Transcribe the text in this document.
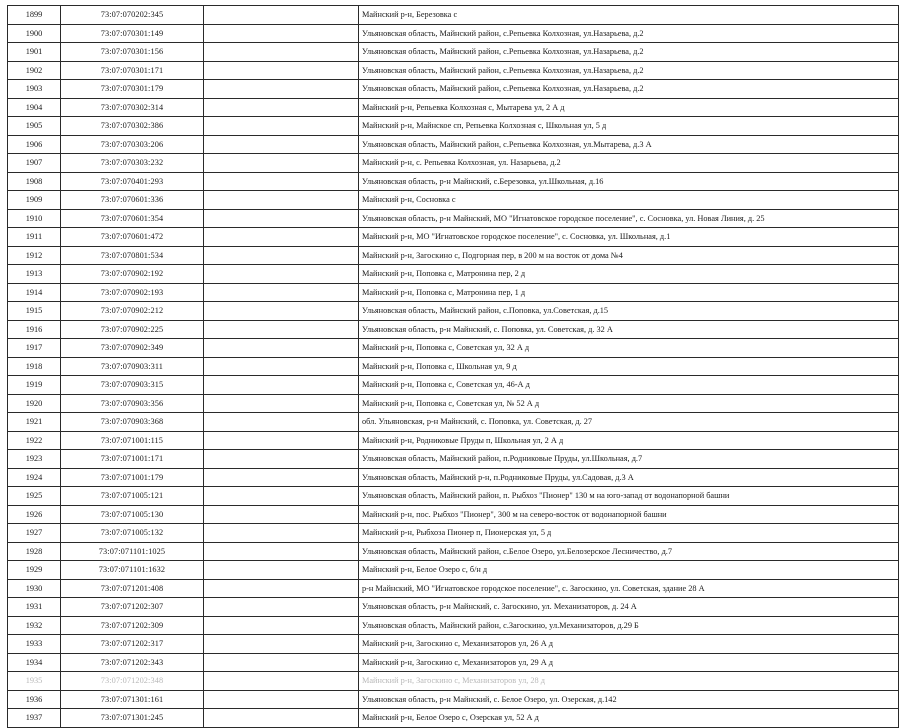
1899	73:07:070202:345		Майнский р-н, Березовка с
1900	73:07:070301:149		Ульяновская область, Майнский район, с.Репьевка Колхозная, ул.Назарьева, д.2
1901	73:07:070301:156		Ульяновская область, Майнский район, с.Репьевка Колхозная, ул.Назарьева, д.2
1902	73:07:070301:171		Ульяновская область, Майнский район, с.Репьевка Колхозная, ул.Назарьева, д.2
1903	73:07:070301:179		Ульяновская область, Майнский район, с.Репьевка Колхозная, ул.Назарьева, д.2
1904	73:07:070302:314		Майнский р-н, Репьевка Колхозная с, Мытарева ул, 2 А д
1905	73:07:070302:386		Майнский р-н, Майнское сп, Репьевка Колхозная с, Школьная ул, 5 д
1906	73:07:070303:206		Ульяновская область, Майнский район, с.Репьевка Колхозная, ул.Мытарева, д.3 А
1907	73:07:070303:232		Майнский р-н, с. Репьевка Колхозная, ул. Назарьева, д.2
1908	73:07:070401:293		Ульяновская область, р-н Майнский, с.Березовка, ул.Школьная, д.16
1909	73:07:070601:336		Майнский р-н, Сосновка с
1910	73:07:070601:354		Ульяновская область, р-н Майнский, МО "Игнатовское городское поселение", с. Сосновка, ул. Новая Линия, д. 25
1911	73:07:070601:472		Майнский р-н, МО "Игнатовское городское поселение", с. Сосновка, ул. Школьная, д.1
1912	73:07:070801:534		Майнский р-н, Загоскино с, Подгорная пер, в 200 м на восток от дома №4
1913	73:07:070902:192		Майнский р-н, Поповка с, Матронина пер, 2 д
1914	73:07:070902:193		Майнский р-н, Поповка с, Матронина пер, 1 д
1915	73:07:070902:212		Ульяновская область, Майнский район, с.Поповка, ул.Советская, д.15
1916	73:07:070902:225		Ульяновская область, р-н Майнский, с. Поповка, ул. Советская, д. 32 А
1917	73:07:070902:349		Майнский р-н, Поповка с, Советская ул, 32 А д
1918	73:07:070903:311		Майнский р-н, Поповка с, Школьная ул, 9 д
1919	73:07:070903:315		Майнский р-н, Поповка с, Советская ул, 46-А д
1920	73:07:070903:356		Майнский р-н, Поповка с, Советская ул, № 52 А д
1921	73:07:070903:368		обл. Ульяновская, р-н Майнский, с. Поповка, ул. Советская, д. 27
1922	73:07:071001:115		Майнский р-н, Родниковые Пруды п, Школьная ул, 2 А д
1923	73:07:071001:171		Ульяновская область, Майнский район, п.Родниковые Пруды, ул.Школьная, д.7
1924	73:07:071001:179		Ульяновская область, Майнский р-н, п.Родниковые Пруды, ул.Садовая, д.3 А
1925	73:07:071005:121		Ульяновская область, Майнский район, п. Рыбхоз "Пионер" 130 м на юго-запад от водонапорной башни
1926	73:07:071005:130		Майнский р-н, пос. Рыбхоз "Пионер", 300 м на северо-восток от водонапорной башни
1927	73:07:071005:132		Майнский р-н, Рыбхоза Пионер п, Пионерская ул, 5 д
1928	73:07:071101:1025		Ульяновская область, Майнский район, с.Белое Озеро, ул.Белозерское Лесничество, д.7
1929	73:07:071101:1632		Майнский р-н, Белое Озеро с, б/н д
1930	73:07:071201:408		р-н Майнский, МО "Игнатовское городское поселение", с. Загоскино, ул. Советская, здание 28 А
1931	73:07:071202:307		Ульяновская область, р-н Майнский, с. Загоскино, ул. Механизаторов, д. 24 А
1932	73:07:071202:309		Ульяновская область, Майнский район, с.Загоскино, ул.Механизаторов, д.29 Б
1933	73:07:071202:317		Майнский р-н, Загоскино с, Механизаторов ул, 26 А д
1934	73:07:071202:343		Майнский р-н, Загоскино с, Механизаторов ул, 29 А д
1935	73:07:071202:348		Майнский р-н, Загоскино с, Механизаторов ул, 28 д
1936	73:07:071301:161		Ульяновская область, р-н Майнский, с. Белое Озеро, ул. Озерская, д.142
1937	73:07:071301:245		Майнский р-н, Белое Озеро с, Озерская ул, 52 А д
